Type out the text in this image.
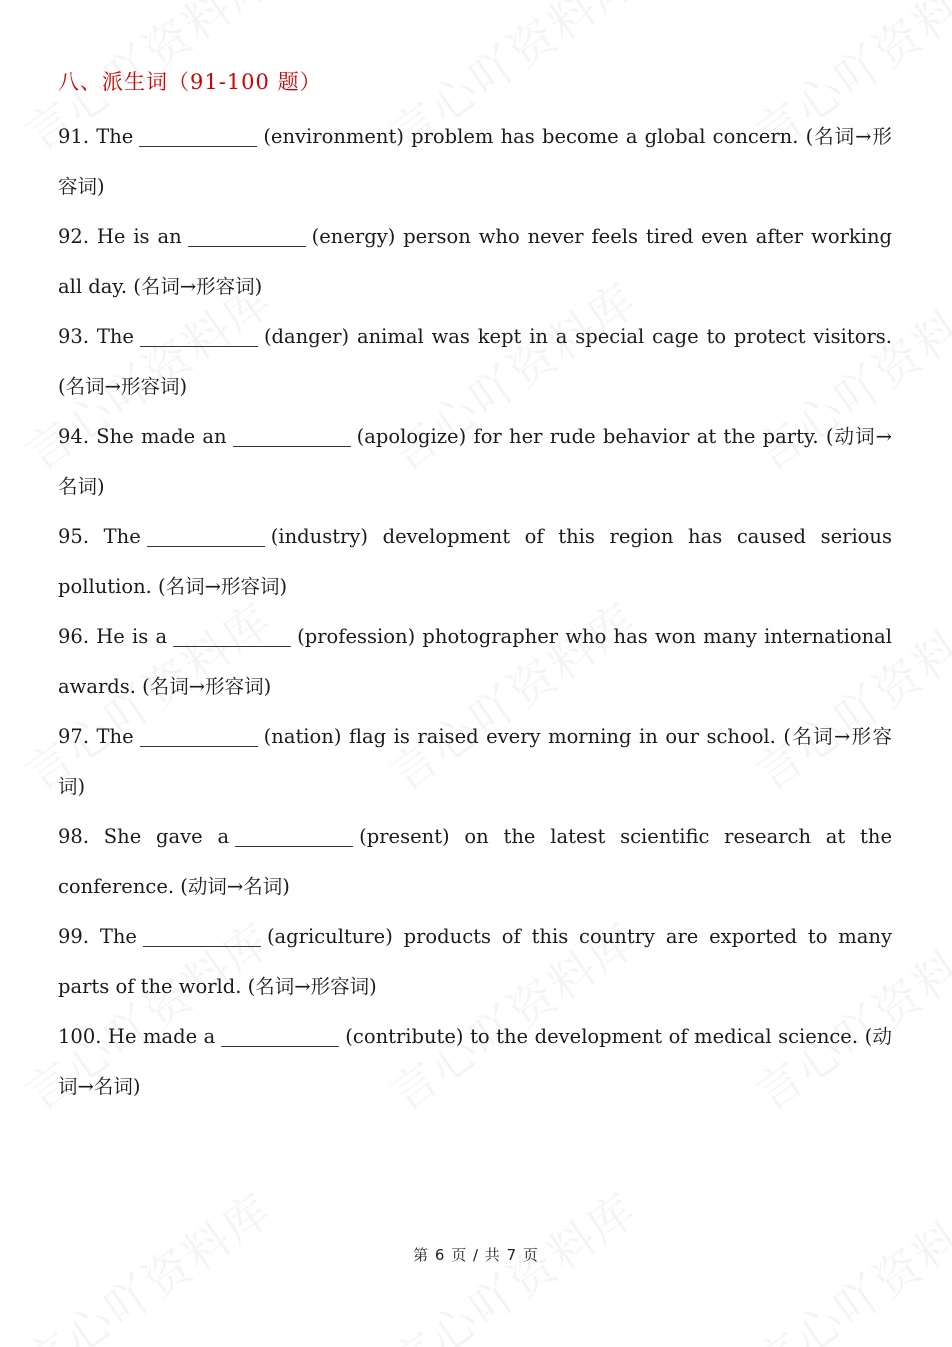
八、派生词（91-100 题）

91. The	(environment) problem has become a global concern. (名词→形容词)

92. He is an	(energy) person who never feels tired even after working all day. (名词→形容词)

93. The	(danger) animal was kept in a special cage to protect visitors. (名词→形容词)

94. She made an	(apologize) for her rude behavior at the party. (动词→名词)

95. The	(industry) development of this region has caused serious pollution. (名词→形容词)

96. He is a	(profession) photographer who has won many international awards. (名词→形容词)

97. The	(nation) flag is raised every morning in our school. (名词→形容词)

98. She gave a	(present) on the latest scientific research at the conference. (动词→名词)

99. The	(agriculture) products of this country are exported to many parts of the world. (名词→形容词)

100. He made a	(contribute) to the development of medical science. (动词→名词)

第 6 页 / 共 7 页
